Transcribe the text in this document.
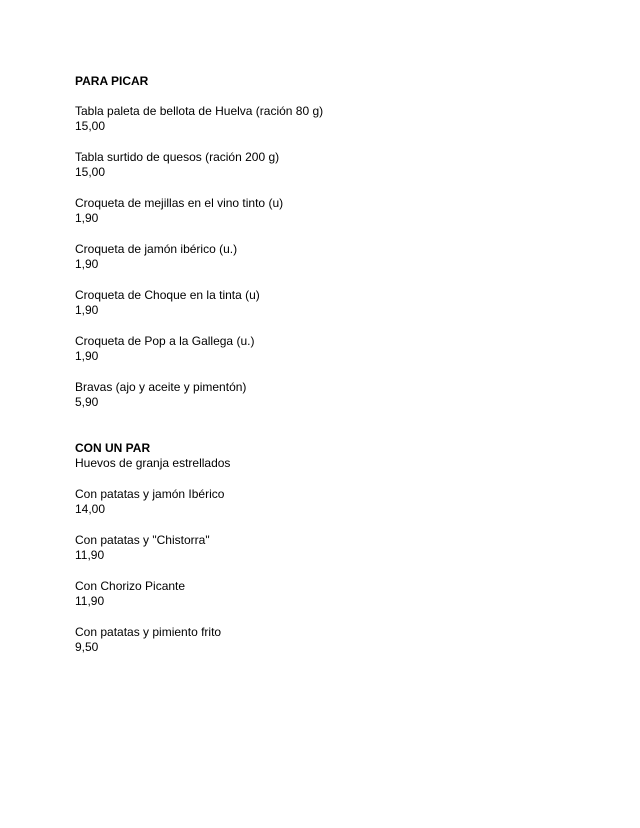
PARA PICAR

Tabla paleta de bellota de Huelva (ración 80 g)
15,00
Tabla surtido de quesos (ración 200 g)
15,00
Croqueta de mejillas en el vino tinto (u)
1,90
Croqueta de jamón ibérico (u.)
1,90
Croqueta de Choque en la tinta (u)
1,90
Croqueta de Pop a la Gallega (u.)
1,90
Bravas (ajo y aceite y pimentón)
5,90

CON UN PAR

Huevos de granja estrellados

Con patatas y jamón Ibérico
14,00
Con patatas y "Chistorra"
11,90
Con Chorizo Picante
11,90
Con patatas y pimiento frito
9,50
